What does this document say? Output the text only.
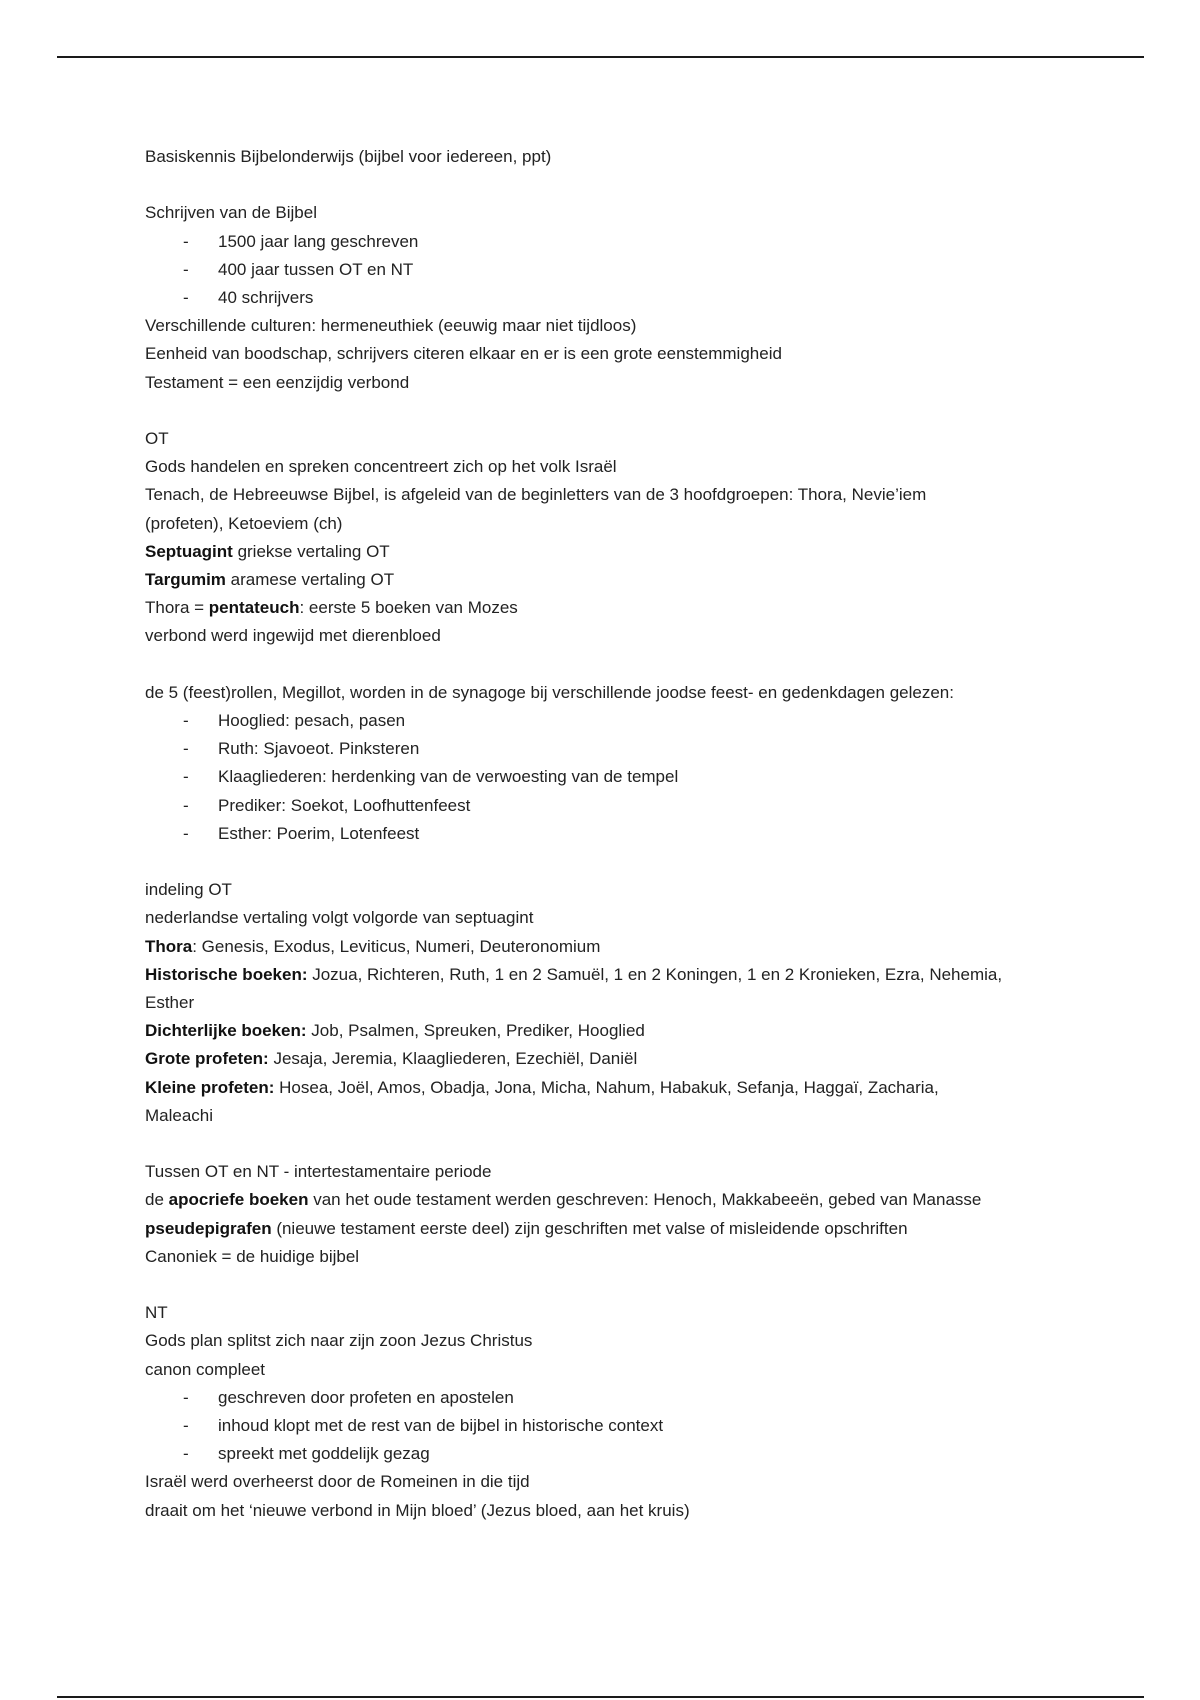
Basiskennis Bijbelonderwijs (bijbel voor iedereen, ppt)
Schrijven van de Bijbel
- 1500 jaar lang geschreven
- 400 jaar tussen OT en NT
- 40 schrijvers
Verschillende culturen: hermeneuthiek (eeuwig maar niet tijdloos)
Eenheid van boodschap, schrijvers citeren elkaar en er is een grote eenstemmigheid
Testament = een eenzijdig verbond
OT
Gods handelen en spreken concentreert zich op het volk Israël
Tenach, de Hebreeuwse Bijbel, is afgeleid van de beginletters van de 3 hoofdgroepen: Thora, Nevie’iem
(profeten), Ketoeviem (ch)
Septuagint griekse vertaling OT
Targumim aramese vertaling OT
Thora = pentateuch: eerste 5 boeken van Mozes
verbond werd ingewijd met dierenbloed
de 5 (feest)rollen, Megillot, worden in de synagoge bij verschillende joodse feest- en gedenkdagen gelezen:
- Hooglied: pesach, pasen
- Ruth: Sjavoeot. Pinksteren
- Klaagliederen: herdenking van de verwoesting van de tempel
- Prediker: Soekot, Loofhuttenfeest
- Esther: Poerim, Lotenfeest
indeling OT
nederlandse vertaling volgt volgorde van septuagint
Thora: Genesis, Exodus, Leviticus, Numeri, Deuteronomium
Historische boeken: Jozua, Richteren, Ruth, 1 en 2 Samuël, 1 en 2 Koningen, 1 en 2 Kronieken, Ezra, Nehemia,
Esther
Dichterlijke boeken: Job, Psalmen, Spreuken, Prediker, Hooglied
Grote profeten: Jesaja, Jeremia, Klaagliederen, Ezechiël, Daniël
Kleine profeten: Hosea, Joël, Amos, Obadja, Jona, Micha, Nahum, Habakuk, Sefanja, Haggaï, Zacharia,
Maleachi
Tussen OT en NT - intertestamentaire periode
de apocriefe boeken van het oude testament werden geschreven: Henoch, Makkabeeën, gebed van Manasse
pseudepigrafen (nieuwe testament eerste deel) zijn geschriften met valse of misleidende opschriften
Canoniek = de huidige bijbel
NT
Gods plan splitst zich naar zijn zoon Jezus Christus
canon compleet
- geschreven door profeten en apostelen
- inhoud klopt met de rest van de bijbel in historische context
- spreekt met goddelijk gezag
Israël werd overheerst door de Romeinen in die tijd
draait om het ‘nieuwe verbond in Mijn bloed’ (Jezus bloed, aan het kruis)
